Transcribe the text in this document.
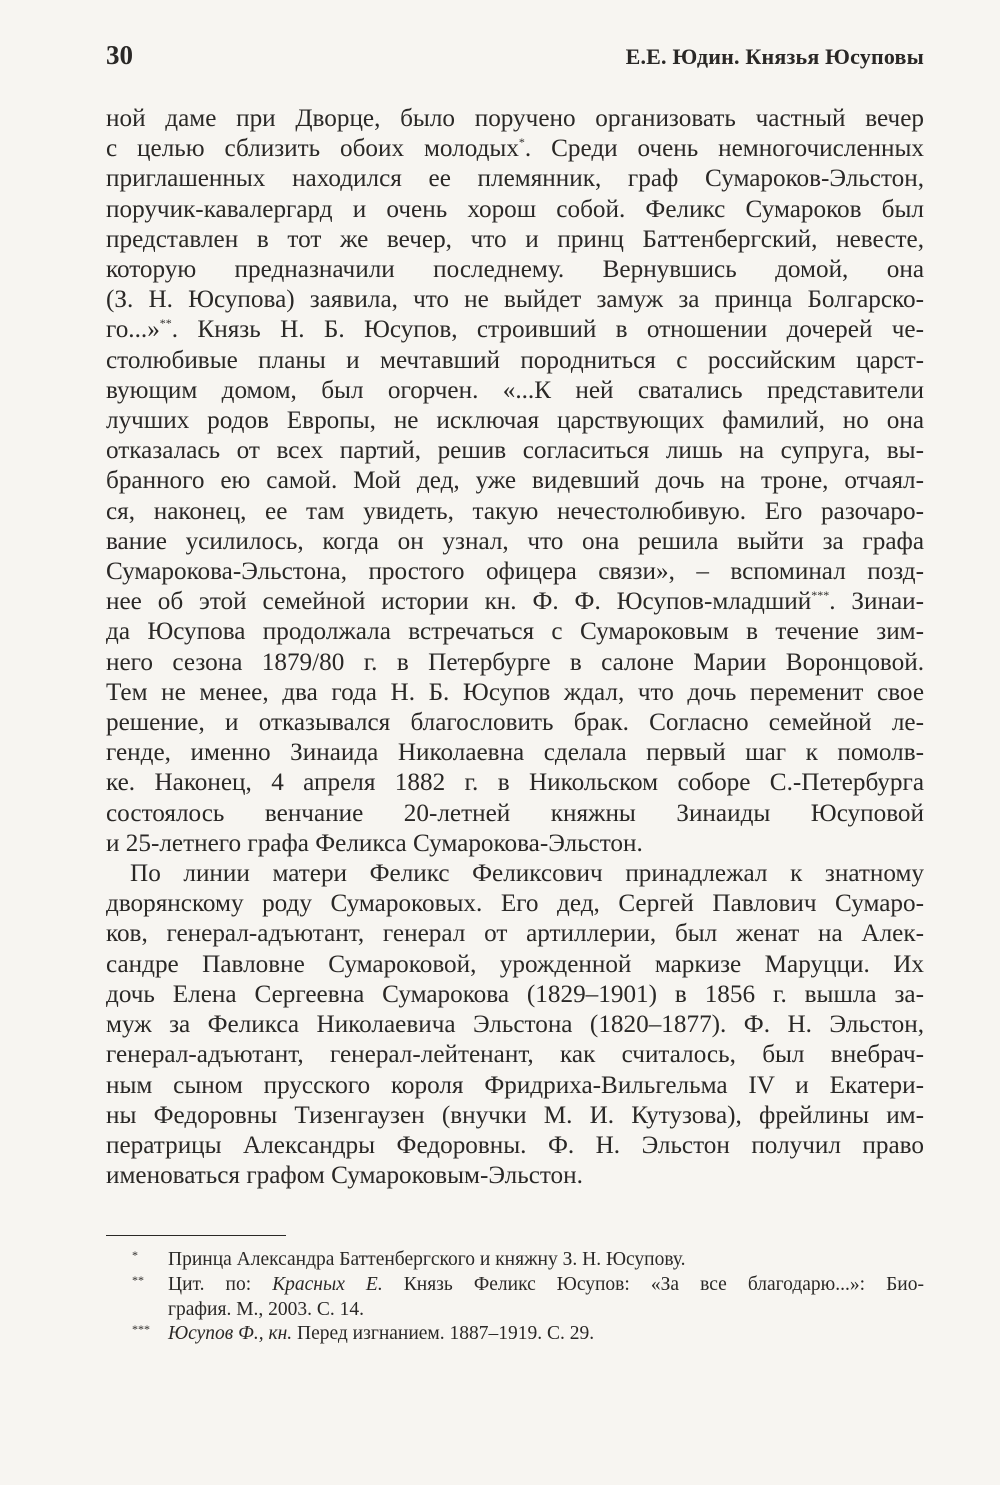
30	Е.Е. Юдин. Князья Юсуповы
ной даме при Дворце, было поручено организовать частный вечер
с целью сблизить обоих молодых*. Среди очень немногочисленных
приглашенных находился ее племянник, граф Сумароков-Эльстон,
поручик-кавалергард и очень хорош собой. Феликс Сумароков был
представлен в тот же вечер, что и принц Баттенбергский, невесте,
которую предназначили последнему. Вернувшись домой, она
(З. Н. Юсупова) заявила, что не выйдет замуж за принца Болгарско-
го...»**. Князь Н. Б. Юсупов, строивший в отношении дочерей че-
столюбивые планы и мечтавший породниться с российским царст-
вующим домом, был огорчен. «...К ней сватались представители
лучших родов Европы, не исключая царствующих фамилий, но она
отказалась от всех партий, решив согласиться лишь на супруга, вы-
бранного ею самой. Мой дед, уже видевший дочь на троне, отчаял-
ся, наконец, ее там увидеть, такую нечестолюбивую. Его разочаро-
вание усилилось, когда он узнал, что она решила выйти за графа
Сумарокова-Эльстона, простого офицера связи», – вспоминал позд-
нее об этой семейной истории кн. Ф. Ф. Юсупов-младший***. Зинаи-
да Юсупова продолжала встречаться с Сумароковым в течение зим-
него сезона 1879/80 г. в Петербурге в салоне Марии Воронцовой.
Тем не менее, два года Н. Б. Юсупов ждал, что дочь переменит свое
решение, и отказывался благословить брак. Согласно семейной ле-
генде, именно Зинаида Николаевна сделала первый шаг к помолв-
ке. Наконец, 4 апреля 1882 г. в Никольском соборе С.-Петербурга
состоялось венчание 20-летней княжны Зинаиды Юсуповой
и 25-летнего графа Феликса Сумарокова-Эльстон.
По линии матери Феликс Феликсович принадлежал к знатному
дворянскому роду Сумароковых. Его дед, Сергей Павлович Сумаро-
ков, генерал-адъютант, генерал от артиллерии, был женат на Алек-
сандре Павловне Сумароковой, урожденной маркизе Маруцци. Их
дочь Елена Сергеевна Сумарокова (1829–1901) в 1856 г. вышла за-
муж за Феликса Николаевича Эльстона (1820–1877). Ф. Н. Эльстон,
генерал-адъютант, генерал-лейтенант, как считалось, был внебрач-
ным сыном прусского короля Фридриха-Вильгельма IV и Екатери-
ны Федоровны Тизенгаузен (внучки М. И. Кутузова), фрейлины им-
ператрицы Александры Федоровны. Ф. Н. Эльстон получил право
именоваться графом Сумароковым-Эльстон.
* Принца Александра Баттенбергского и княжну З. Н. Юсупову.
** Цит. по: Красных Е. Князь Феликс Юсупов: «За все благодарю...»: Био-
графия. М., 2003. С. 14.
*** Юсупов Ф., кн. Перед изгнанием. 1887–1919. С. 29.
